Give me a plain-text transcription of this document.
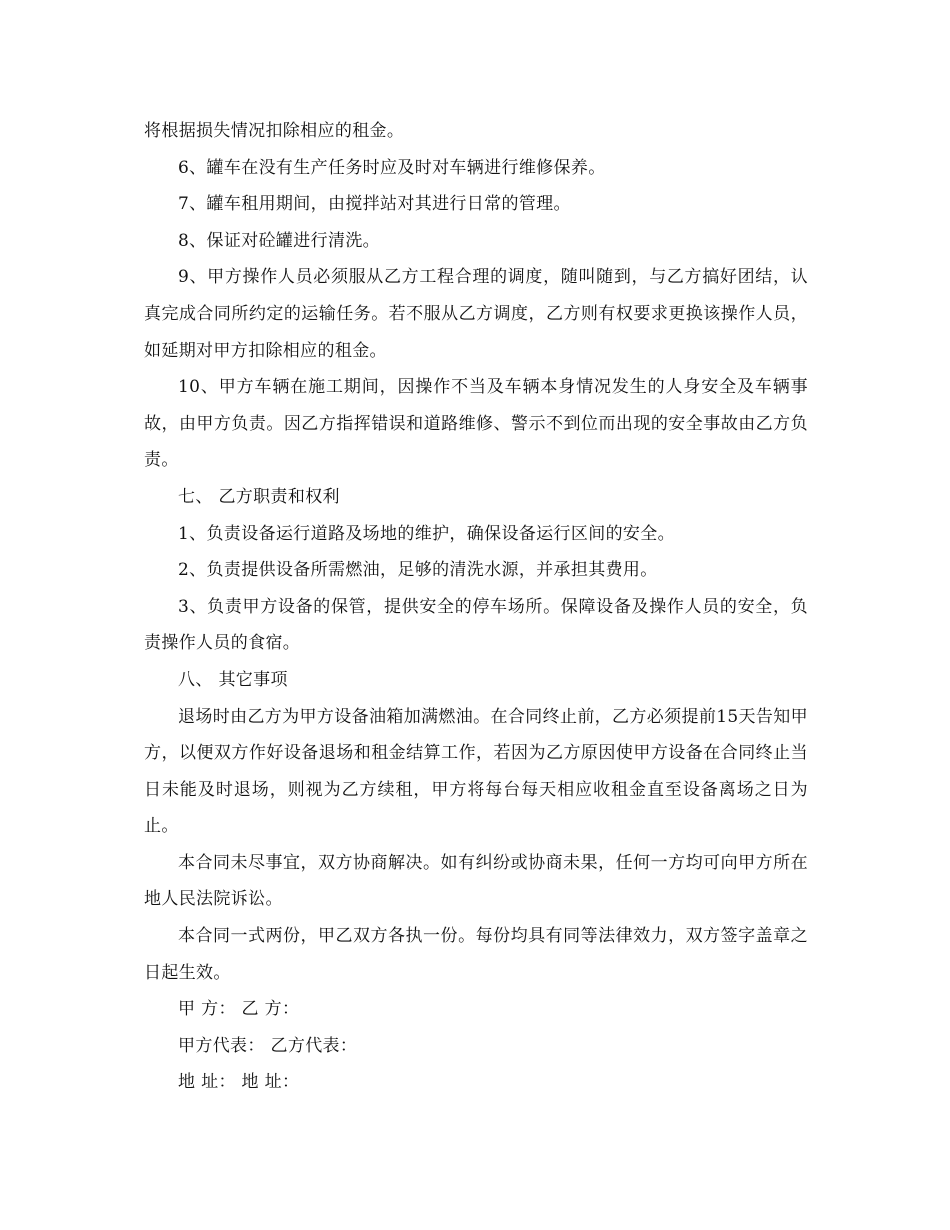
将根据损失情况扣除相应的租金。

6、罐车在没有生产任务时应及时对车辆进行维修保养。

7、罐车租用期间，由搅拌站对其进行日常的管理。

8、保证对砼罐进行清洗。

9、甲方操作人员必须服从乙方工程合理的调度，随叫随到，与乙方搞好团结，认真完成合同所约定的运输任务。若不服从乙方调度，乙方则有权要求更换该操作人员，如延期对甲方扣除相应的租金。

10、甲方车辆在施工期间，因操作不当及车辆本身情况发生的人身安全及车辆事故，由甲方负责。因乙方指挥错误和道路维修、警示不到位而出现的安全事故由乙方负责。

七、 乙方职责和权利

1、负责设备运行道路及场地的维护，确保设备运行区间的安全。

2、负责提供设备所需燃油，足够的清洗水源，并承担其费用。

3、负责甲方设备的保管，提供安全的停车场所。保障设备及操作人员的安全，负责操作人员的食宿。

八、 其它事项

退场时由乙方为甲方设备油箱加满燃油。在合同终止前，乙方必须提前15天告知甲方，以便双方作好设备退场和租金结算工作，若因为乙方原因使甲方设备在合同终止当日未能及时退场，则视为乙方续租，甲方将每台每天相应收租金直至设备离场之日为止。

本合同未尽事宜，双方协商解决。如有纠纷或协商未果，任何一方均可向甲方所在地人民法院诉讼。

本合同一式两份，甲乙双方各执一份。每份均具有同等法律效力，双方签字盖章之日起生效。

甲 方： 乙 方：

甲方代表： 乙方代表：

地 址： 地 址：
